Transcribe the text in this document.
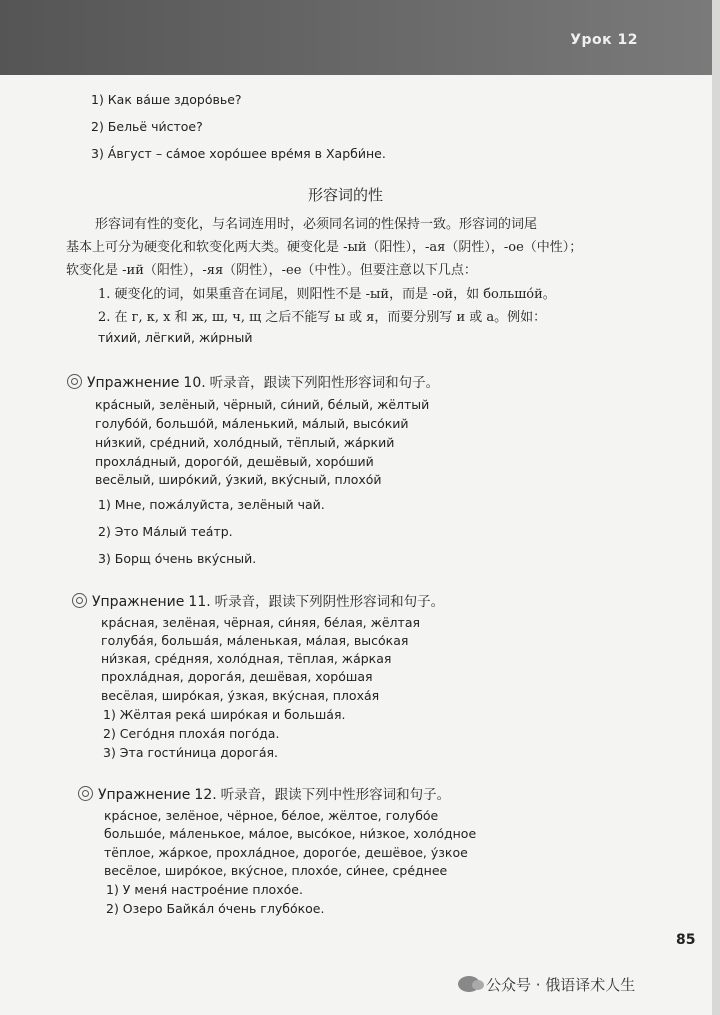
Урок 12
1) Как ва́ше здоро́вье?
2) Бельё чи́стое?
3) А́вгуст – са́мое хоро́шее вре́мя в Харби́не.
形容词的性
形容词有性的变化，与名词连用时，必须同名词的性保持一致。形容词的词尾
基本上可分为硬变化和软变化两大类。硬变化是 -ый（阳性），-ая（阴性），-ое（中性）；
软变化是 -ий（阳性），-яя（阴性），-ее（中性）。但要注意以下几点：
1. 硬变化的词，如果重音在词尾，则阳性不是 -ый，而是 -ой，如 большо́й。
2. 在 г, к, х 和 ж, ш, ч, щ 之后不能写 ы 或 я，而要分别写 и 或 а。例如：
ти́хий, лёгкий, жи́рный
Упражнение 10. 听录音，跟读下列阳性形容词和句子。
кра́сный, зелёный, чёрный, си́ний, бе́лый, жёлтый
голубо́й, большо́й, ма́ленький, ма́лый, высо́кий
ни́зкий, сре́дний, холо́дный, тёплый, жа́ркий
прохла́дный, дорого́й, дешёвый, хоро́ший
весёлый, широ́кий, у́зкий, вку́сный, плохо́й
1) Мне, пожа́луйста, зелёный чай.
2) Это Ма́лый теа́тр.
3) Борщ о́чень вку́сный.
Упражнение 11. 听录音，跟读下列阴性形容词和句子。
кра́сная, зелёная, чёрная, си́няя, бе́лая, жёлтая
голуба́я, больша́я, ма́ленькая, ма́лая, высо́кая
ни́зкая, сре́дняя, холо́дная, тёплая, жа́ркая
прохла́дная, дорога́я, дешёвая, хоро́шая
весёлая, широ́кая, у́зкая, вку́сная, плоха́я
1) Жёлтая река́ широ́кая и больша́я.
2) Сего́дня плоха́я пого́да.
3) Эта гости́ница дорога́я.
Упражнение 12. 听录音，跟读下列中性形容词和句子。
кра́сное, зелёное, чёрное, бе́лое, жёлтое, голубо́е
большо́е, ма́ленькое, ма́лое, высо́кое, ни́зкое, холо́дное
тёплое, жа́ркое, прохла́дное, дорого́е, дешёвое, у́зкое
весёлое, широ́кое, вку́сное, плохо́е, си́нее, сре́днее
1) У меня́ настрое́ние плохо́е.
2) Озеро Байка́л о́чень глубо́кое.
85
公众号 · 俄语译术人生
